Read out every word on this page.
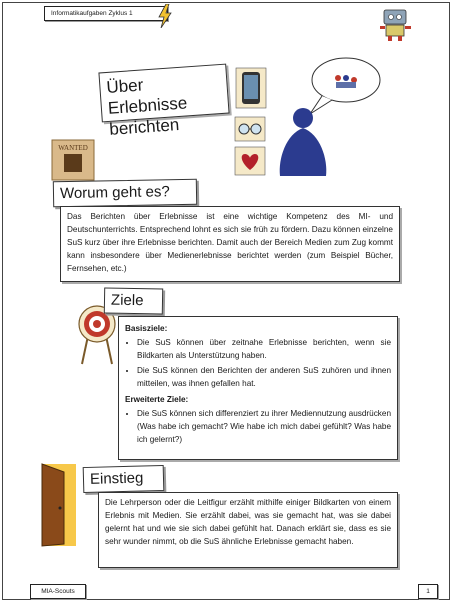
Informatikaufgaben Zyklus 1
Über Erlebnisse berichten
WANTED
Worum geht es?
Das Berichten über Erlebnisse ist eine wichtige Kompetenz des MI- und Deutschunterrichts. Entsprechend lohnt es sich sie früh zu fördern. Dazu können einzelne SuS kurz über ihre Erlebnisse berichten. Damit auch der Bereich Medien zum Zug kommt kann insbesondere über Medienerlebnisse berichtet werden (zum Beispiel Bücher, Fernsehen, etc.)
Ziele
Basisziele:
• Die SuS können über zeitnahe Erlebnisse berichten, wenn sie Bildkarten als Unterstützung haben.
• Die SuS können den Berichten der anderen SuS zuhören und ihnen mitteilen, was ihnen gefallen hat.
Erweiterte Ziele:
• Die SuS können sich differenziert zu ihrer Mediennutzung ausdrücken (Was habe ich gemacht? Wie habe ich mich dabei gefühlt? Was habe ich gelernt?)
Einstieg
Die Lehrperson oder die Leitfigur erzählt mithilfe einiger Bildkarten von einem Erlebnis mit Medien. Sie erzählt dabei, was sie gemacht hat, was sie dabei gelernt hat und wie sie sich dabei gefühlt hat. Danach erklärt sie, dass es sie sehr wunder nimmt, ob die SuS ähnliche Erlebnisse gemacht haben.
MIA-Scouts	1
